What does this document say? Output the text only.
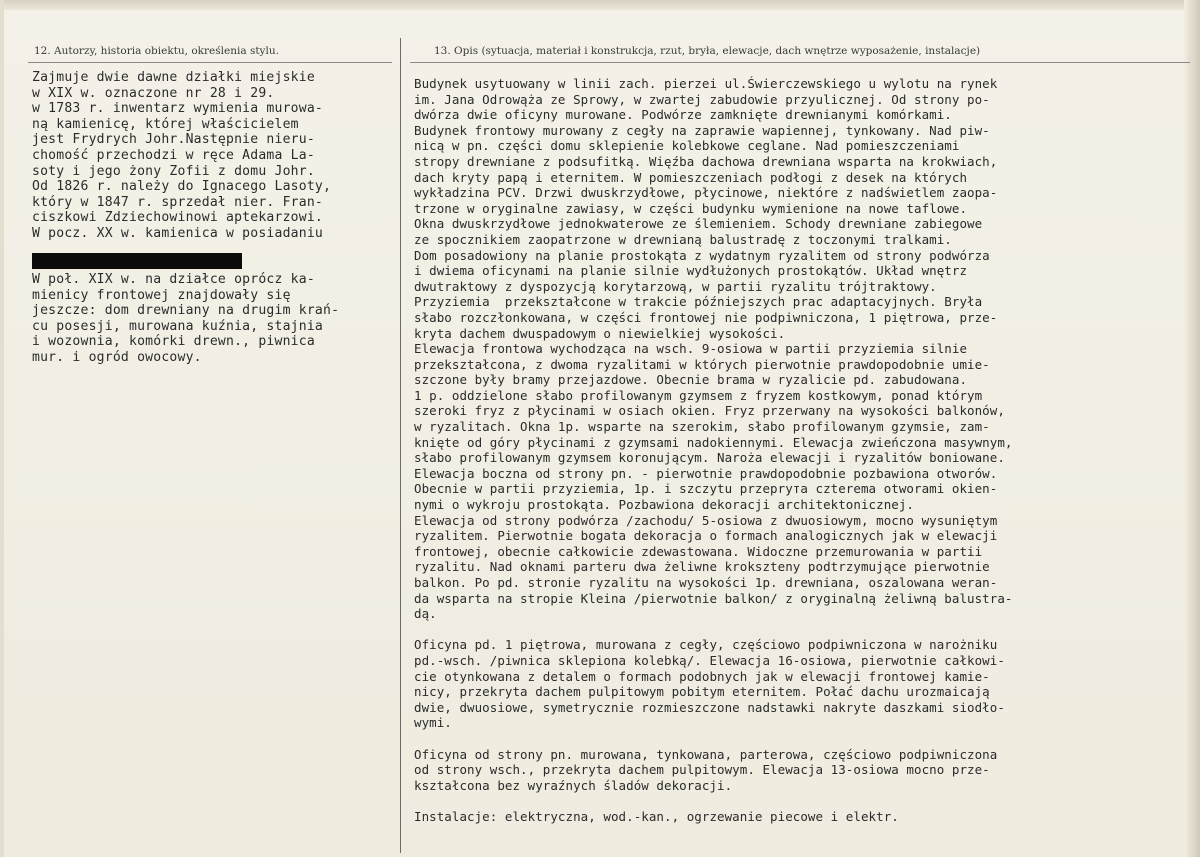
12. Autorzy, historia obiektu, określenia stylu.	13. Opis (sytuacja, materiał i konstrukcja, rzut, bryła, elewacje, dach wnętrze wyposażenie, instalacje)
Zajmuje dwie dawne działki miejskie
w XIX w. oznaczone nr 28 i 29.
w 1783 r. inwentarz wymienia murowa-
ną kamienicę, której właścicielem
jest Frydrych Johr.Następnie nieru-
chomość przechodzi w ręce Adama La-
soty i jego żony Zofii z domu Johr.
Od 1826 r. należy do Ignacego Lasoty,
który w 1847 r. sprzedał nier. Fran-
ciszkowi Zdziechowinowi aptekarzowi.
W pocz. XX w. kamienica w posiadaniu
W poł. XIX w. na działce oprócz ka-
mienicy frontowej znajdowały się
jeszcze: dom drewniany na drugim krań-
cu posesji, murowana kuźnia, stajnia
i wozownia, komórki drewn., piwnica
mur. i ogród owocowy.
Budynek usytuowany w linii zach. pierzei ul.Świerczewskiego u wylotu na rynek
im. Jana Odrowąża ze Sprowy, w zwartej zabudowie przyulicznej. Od strony po-
dwórza dwie oficyny murowane. Podwórze zamknięte drewnianymi komórkami.
Budynek frontowy murowany z cegły na zaprawie wapiennej, tynkowany. Nad piw-
nicą w pn. części domu sklepienie kolebkowe ceglane. Nad pomieszczeniami
stropy drewniane z podsufitką. Więźba dachowa drewniana wsparta na krokwiach,
dach kryty papą i eternitem. W pomieszczeniach podłogi z desek na których
wykładzina PCV. Drzwi dwuskrzydłowe, płycinowe, niektóre z nadświetlem zaopa-
trzone w oryginalne zawiasy, w części budynku wymienione na nowe taflowe.
Okna dwuskrzydłowe jednokwaterowe ze ślemieniem. Schody drewniane zabiegowe
ze spocznikiem zaopatrzone w drewnianą balustradę z toczonymi tralkami.
Dom posadowiony na planie prostokąta z wydatnym ryzalitem od strony podwórza
i dwiema oficynami na planie silnie wydłużonych prostokątów. Układ wnętrz
dwutraktowy z dyspozycją korytarzową, w partii ryzalitu trójtraktowy.
Przyziemia  przekształcone w trakcie późniejszych prac adaptacyjnych. Bryła
słabo rozczłonkowana, w części frontowej nie podpiwniczona, 1 piętrowa, prze-
kryta dachem dwuspadowym o niewielkiej wysokości.
Elewacja frontowa wychodząca na wsch. 9-osiowa w partii przyziemia silnie
przekształcona, z dwoma ryzalitami w których pierwotnie prawdopodobnie umie-
szczone były bramy przejazdowe. Obecnie brama w ryzalicie pd. zabudowana.
1 p. oddzielone słabo profilowanym gzymsem z fryzem kostkowym, ponad którym
szeroki fryz z płycinami w osiach okien. Fryz przerwany na wysokości balkonów,
w ryzalitach. Okna 1p. wsparte na szerokim, słabo profilowanym gzymsie, zam-
knięte od góry płycinami z gzymsami nadokiennymi. Elewacja zwieńczona masywnym,
słabo profilowanym gzymsem koronującym. Naroża elewacji i ryzalitów boniowane.
Elewacja boczna od strony pn. - pierwotnie prawdopodobnie pozbawiona otworów.
Obecnie w partii przyziemia, 1p. i szczytu przeprута czterema otworami okien-
nymi o wykroju prostokąta. Pozbawiona dekoracji architektonicznej.
Elewacja od strony podwórza /zachodu/ 5-osiowa z dwuosiowym, mocno wysuniętym
ryzalitem. Pierwotnie bogata dekoracja o formach analogicznych jak w elewacji
frontowej, obecnie całkowicie zdewastowana. Widoczne przemurowania w partii
ryzalitu. Nad oknami parteru dwa żeliwne krokszteny podtrzymujące pierwotnie
balkon. Po pd. stronie ryzalitu na wysokości 1p. drewniana, oszalowana weran-
da wsparta na stropie Kleina /pierwotnie balkon/ z oryginalną żeliwną balustra-
dą.
Oficyna pd. 1 piętrowa, murowana z cegły, częściowo podpiwniczona w narożniku
pd.-wsch. /piwnica sklepiona kolebką/. Elewacja 16-osiowa, pierwotnie całkowi-
cie otynkowana z detalem o formach podobnych jak w elewacji frontowej kamie-
nicy, przekryta dachem pulpitowym pobitym eternitem. Połać dachu urozmaicają
dwie, dwuosiowe, symetrycznie rozmieszczone nadstawki nakryte daszkami siodło-
wymi.
Oficyna od strony pn. murowana, tynkowana, parterowa, częściowo podpiwniczona
od strony wsch., przekryta dachem pulpitowym. Elewacja 13-osiowa mocno prze-
kształcona bez wyraźnych śladów dekoracji.
Instalacje: elektryczna, wod.-kan., ogrzewanie piecowe i elektr.
